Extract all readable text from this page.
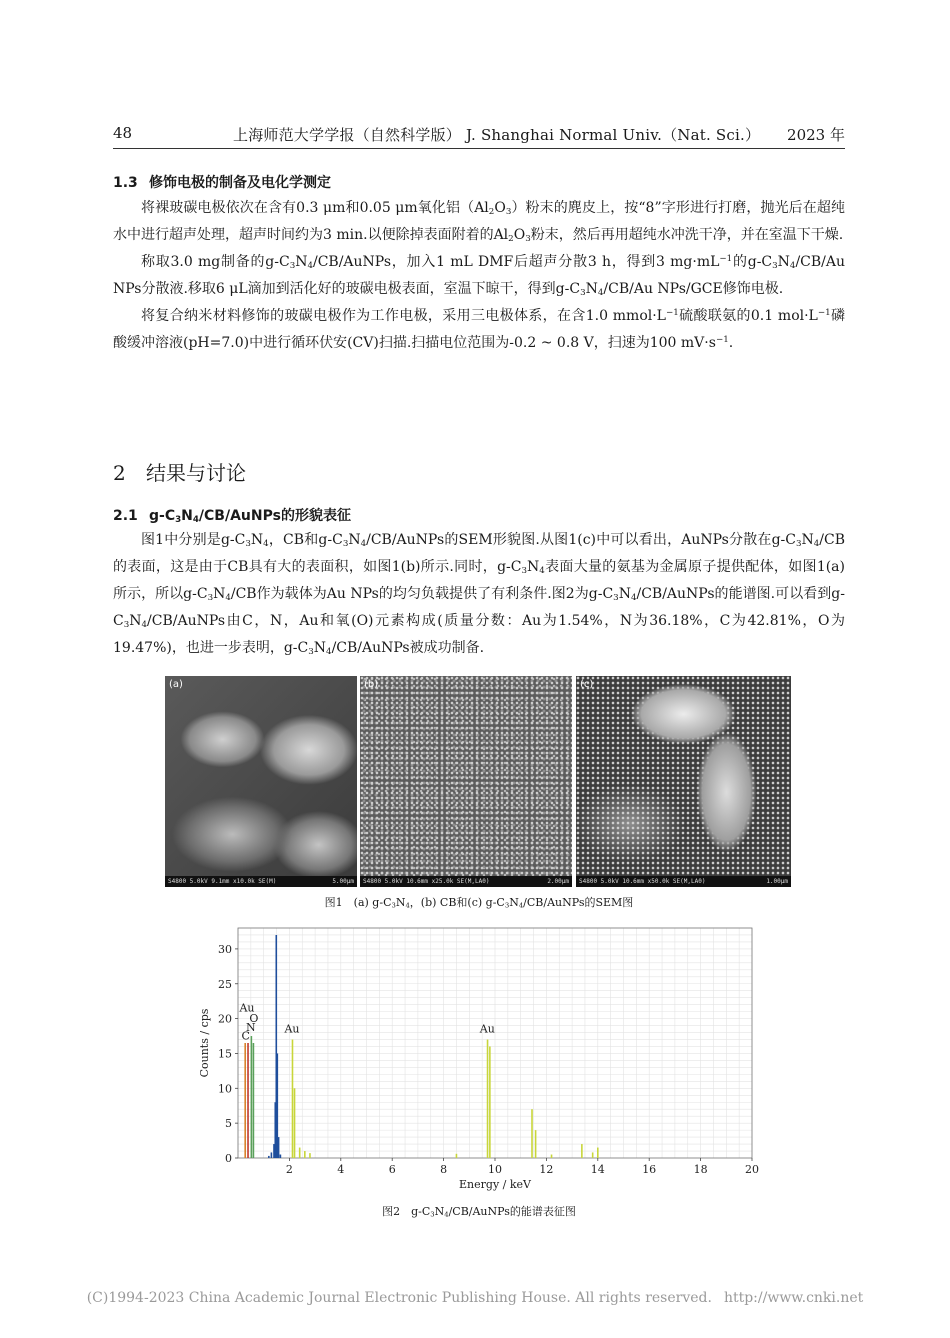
48	上海师范大学学报（自然科学版） J. Shanghai Normal Univ.（Nat. Sci.） 2023 年
1.3 修饰电极的制备及电化学测定

将裸玻碳电极依次在含有0.3 μm和0.05 μm氧化铝$(Al_2O_3)$粉末的麂皮上，按“8”字形进行打磨，抛光后在超纯水中进行超声处理，超声时间约为3 min.以便除掉表面附着的$Al_2O_3$粉末，然后再用超纯水冲洗干净，并在室温下干燥.

称取3.0 mg制备的$g-C_3N_4/CB$/AuNPs，加入1 mL DMF后超声分散3 h，得到3 $mg\cdot mL^{-1}$的$g-C_3N_4/CB/Au$ NPs分散液.移取6 μL滴加到活化好的玻碳电极表面，室温下晾干，得到$g-C_3N_4/CB/Au$ NPs/GCE修饰电极.

将复合纳米材料修饰的玻碳电极作为工作电极，采用三电极体系，在含1.0 $mmol\cdot L^{-1}$硫酸联氨的0.1 $mol\cdot L^{-1}$磷酸缓冲溶液(pH=7.0)中进行循环伏安(CV)扫描.扫描电位范围为-0.2 ~ 0.8 V，扫速为100 $mV\cdot s^{-1}$.

2 结果与讨论
2.1 $g-C_3N_4/CB$/AuNPs的形貌表征

图1中分别是$g-C_3N_4$，CB和$g-C_3N_4/CB$/AuNPs的SEM形貌图.从图1(c)中可以看出，AuNPs分散在$g-C_3N_4/CB$的表面，这是由于CB具有大的表面积，如图1(b)所示.同时，$g-C_3N_4$表面大量的氨基为金属原子提供配体，如图1(a)所示，所以$g-C_3N_4/CB$作为载体为Au NPs的均匀负载提供了有利条件.图2为$g-C_3N_4/CB$/AuNPs的能谱图.可以看到$g-C_3N_4/CB$/AuNPs由C，N，Au和氧(O)元素构成(质量分数：Au为1.54%，N为36.18%，C为42.81%，O为19.47%)，也进一步表明，$g-C_3N_4/CB$/AuNPs被成功制备.

(a)
S4800 5.0kV 9.1mm x10.0k SE(M)	5.00μm
(b)
S4800 5.0kV 10.6mm x25.0k SE(M,LA0)	2.00μm
(c)
S4800 5.0kV 10.6mm x50.0k SE(M,LA0)	1.00μm
图1　(a) $g-C_3N_4$，(b) CB和(c) $g-C_3N_4/CB$/AuNPs的SEM图
2	4	6	8	10	12	14	16	18	20
0
5
10
15
20
25
30
Energy / keV
Counts / cps
Au
O
N
C
Au	Au
图2　$g-C_3N_4/CB$/AuNPs的能谱表征图
(C)1994-2023 China Academic Journal Electronic Publishing House. All rights reserved. http://www.cnki.net
